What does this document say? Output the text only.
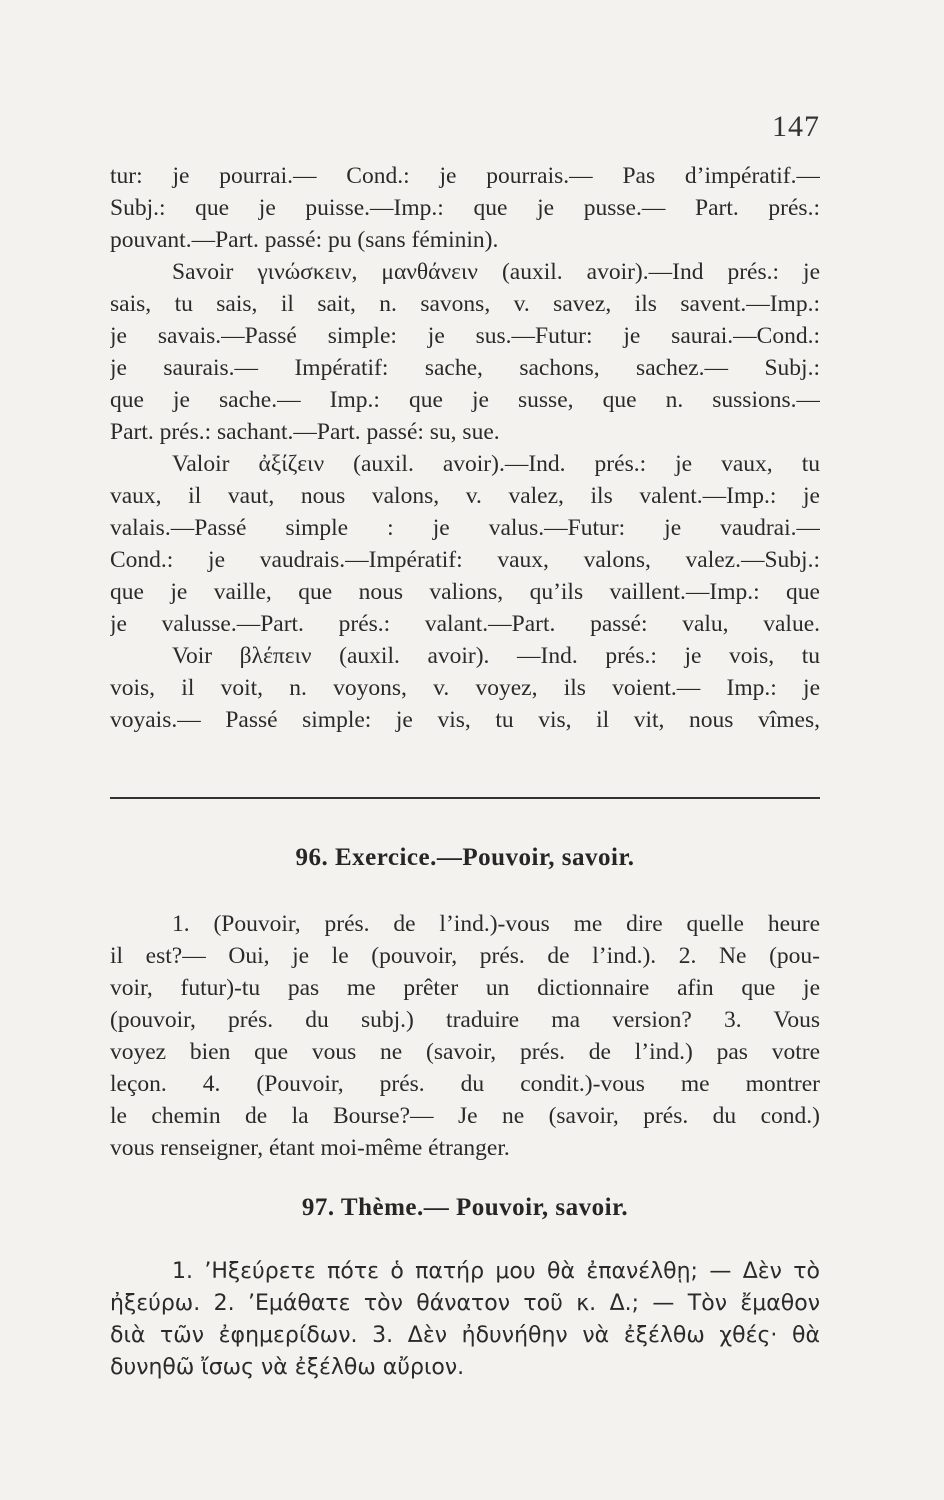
147
tur: je pourrai.— Cond.: je pourrais.— Pas d’impératif.—
Subj.: que je puisse.—Imp.: que je pusse.— Part. prés.:
pouvant.—Part. passé: pu (sans féminin).
Savoir γινώσκειν, μανθάνειν (auxil. avoir).—Ind prés.: je
sais, tu sais, il sait, n. savons, v. savez, ils savent.—Imp.:
je savais.—Passé simple: je sus.—Futur: je saurai.—Cond.:
je saurais.— Impératif: sache, sachons, sachez.— Subj.:
que je sache.— Imp.: que je susse, que n. sussions.—
Part. prés.: sachant.—Part. passé: su, sue.
Valoir ἀξίζειν (auxil. avoir).—Ind. prés.: je vaux, tu
vaux, il vaut, nous valons, v. valez, ils valent.—Imp.: je
valais.—Passé simple : je valus.—Futur: je vaudrai.—
Cond.: je vaudrais.—Impératif: vaux, valons, valez.—Subj.:
que je vaille, que nous valions, qu’ils vaillent.—Imp.: que
je valusse.—Part. prés.: valant.—Part. passé: valu, value.
Voir βλέπειν (auxil. avoir). —Ind. prés.: je vois, tu
vois, il voit, n. voyons, v. voyez, ils voient.— Imp.: je
voyais.— Passé simple: je vis, tu vis, il vit, nous vîmes,
96. Exercice.—Pouvoir, savoir.
1. (Pouvoir, prés. de l’ind.)-vous me dire quelle heure
il est?— Oui, je le (pouvoir, prés. de l’ind.). 2. Ne (pou-
voir, futur)-tu pas me prêter un dictionnaire afin que je
(pouvoir, prés. du subj.) traduire ma version? 3. Vous
voyez bien que vous ne (savoir, prés. de l’ind.) pas votre
leçon. 4. (Pouvoir, prés. du condit.)-vous me montrer
le chemin de la Bourse?— Je ne (savoir, prés. du cond.)
vous renseigner, étant moi-même étranger.
97. Thème.— Pouvoir, savoir.
1. ’Ηξεύρετε πότε ὁ πατήρ μου θὰ ἐπανέλθῃ; — Δὲν τὸ
ἠξεύρω. 2. ’Εμάθατε τὸν θάνατον τοῦ κ. Δ.; — Τὸν ἔμαθον
διὰ τῶν ἐφημερίδων. 3. Δὲν ἠδυνήθην νὰ ἐξέλθω χθές· θὰ
δυνηθῶ ἴσως νὰ ἐξέλθω αὔριον.
